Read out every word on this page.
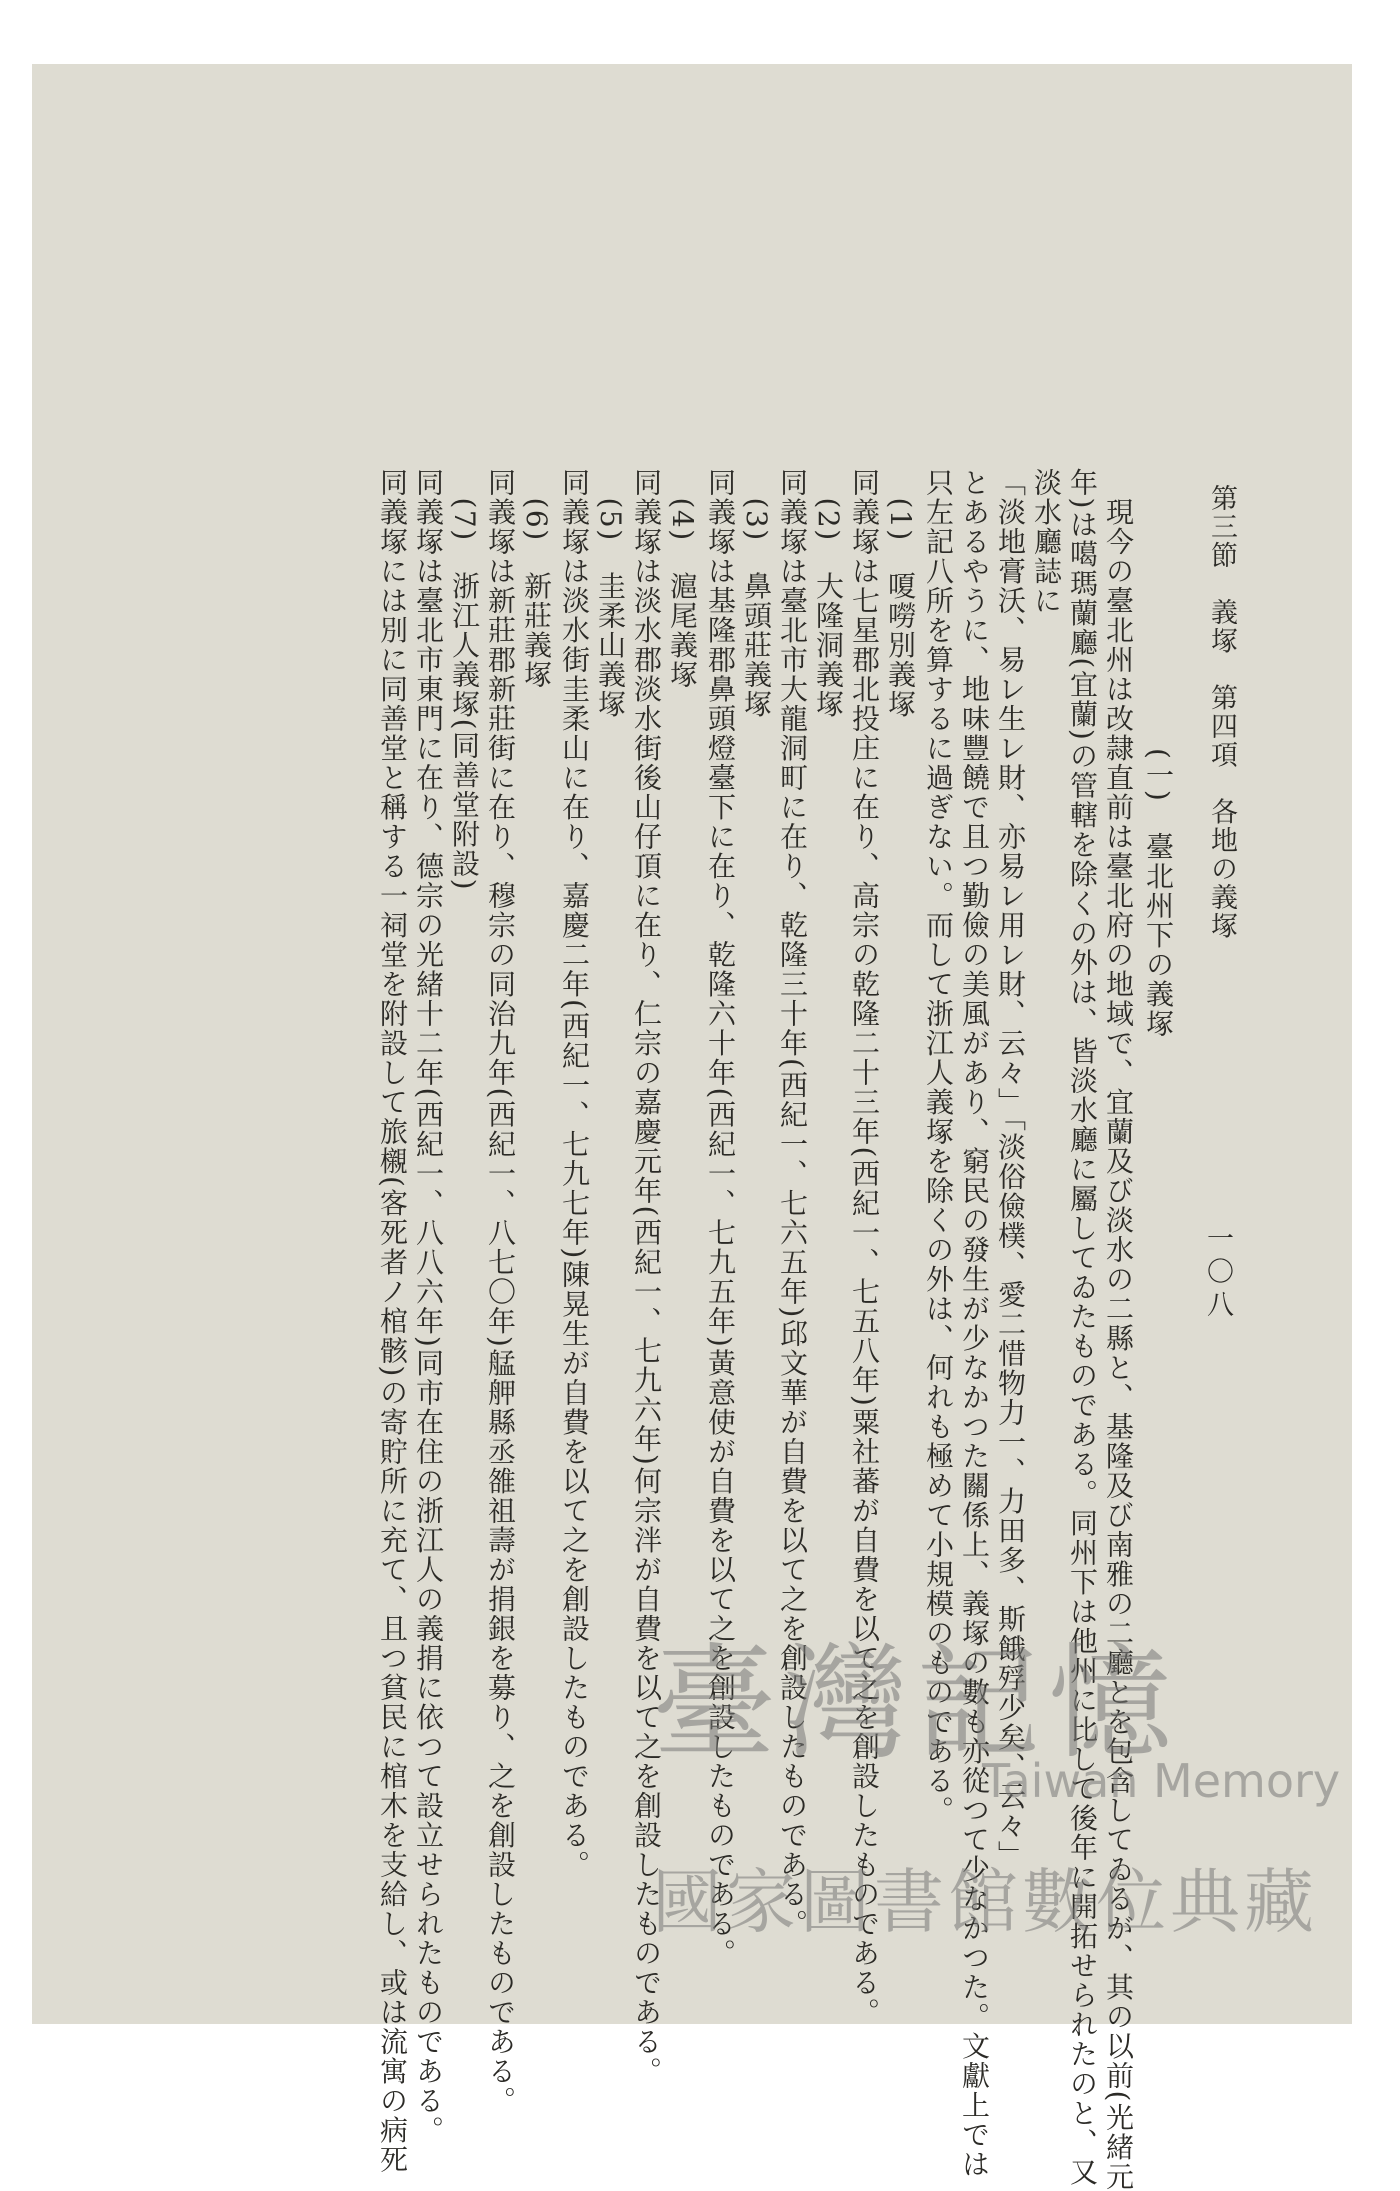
第三節　義塚　第四項　各地の義塚
一〇八
　　　　　　　　(一)　臺北州下の義塚
　現今の臺北州は改隷直前は臺北府の地域で、宜蘭及び淡水の二縣と、基隆及び南雅の二廳とを包含してゐるが、其の以前(光緒元
年)は噶瑪蘭廳(宜蘭)の管轄を除くの外は、皆淡水廳に屬してゐたものである。同州下は他州に比して後年に開拓せられたのと、又
淡水廳誌に
「淡地膏沃、易レ生レ財、亦易レ用レ財、云々」「淡俗儉樸、愛二惜物力一、力田多、斯餓殍少矣、云々」
とあるやうに、地味豐饒で且つ勤儉の美風があり、窮民の發生が少なかつた關係上、義塚の數も亦從つて少なかつた。文獻上では
只左記八所を算するに過ぎない。而して浙江人義塚を除くの外は、何れも極めて小規模のものである。
　(1)　嗄嘮別義塚
同義塚は七星郡北投庄に在り、高宗の乾隆二十三年(西紀一、七五八年)粟社蕃が自費を以て之を創設したものである。
　(2)　大隆洞義塚
同義塚は臺北市大龍洞町に在り、乾隆三十年(西紀一、七六五年)邱文華が自費を以て之を創設したものである。
　(3)　鼻頭莊義塚
同義塚は基隆郡鼻頭燈臺下に在り、乾隆六十年(西紀一、七九五年)黃意使が自費を以て之を創設したものである。
　(4)　滬尾義塚
同義塚は淡水郡淡水街後山仔頂に在り、仁宗の嘉慶元年(西紀一、七九六年)何宗泮が自費を以て之を創設したものである。
　(5)　圭柔山義塚
同義塚は淡水街圭柔山に在り、嘉慶二年(西紀一、七九七年)陳晃生が自費を以て之を創設したものである。
　(6)　新莊義塚
同義塚は新莊郡新莊街に在り、穆宗の同治九年(西紀一、八七〇年)艋舺縣丞雒祖壽が捐銀を募り、之を創設したものである。
　(7)　浙江人義塚(同善堂附設)
同義塚は臺北市東門に在り、德宗の光緒十二年(西紀一、八八六年)同市在住の浙江人の義捐に依つて設立せられたものである。
同義塚には別に同善堂と稱する一祠堂を附設して旅櫬(客死者ノ棺骸)の寄貯所に充て、且つ貧民に棺木を支給し、或は流寓の病死 臺灣記憶
Taiwan Memory
國家圖書館數位典藏
